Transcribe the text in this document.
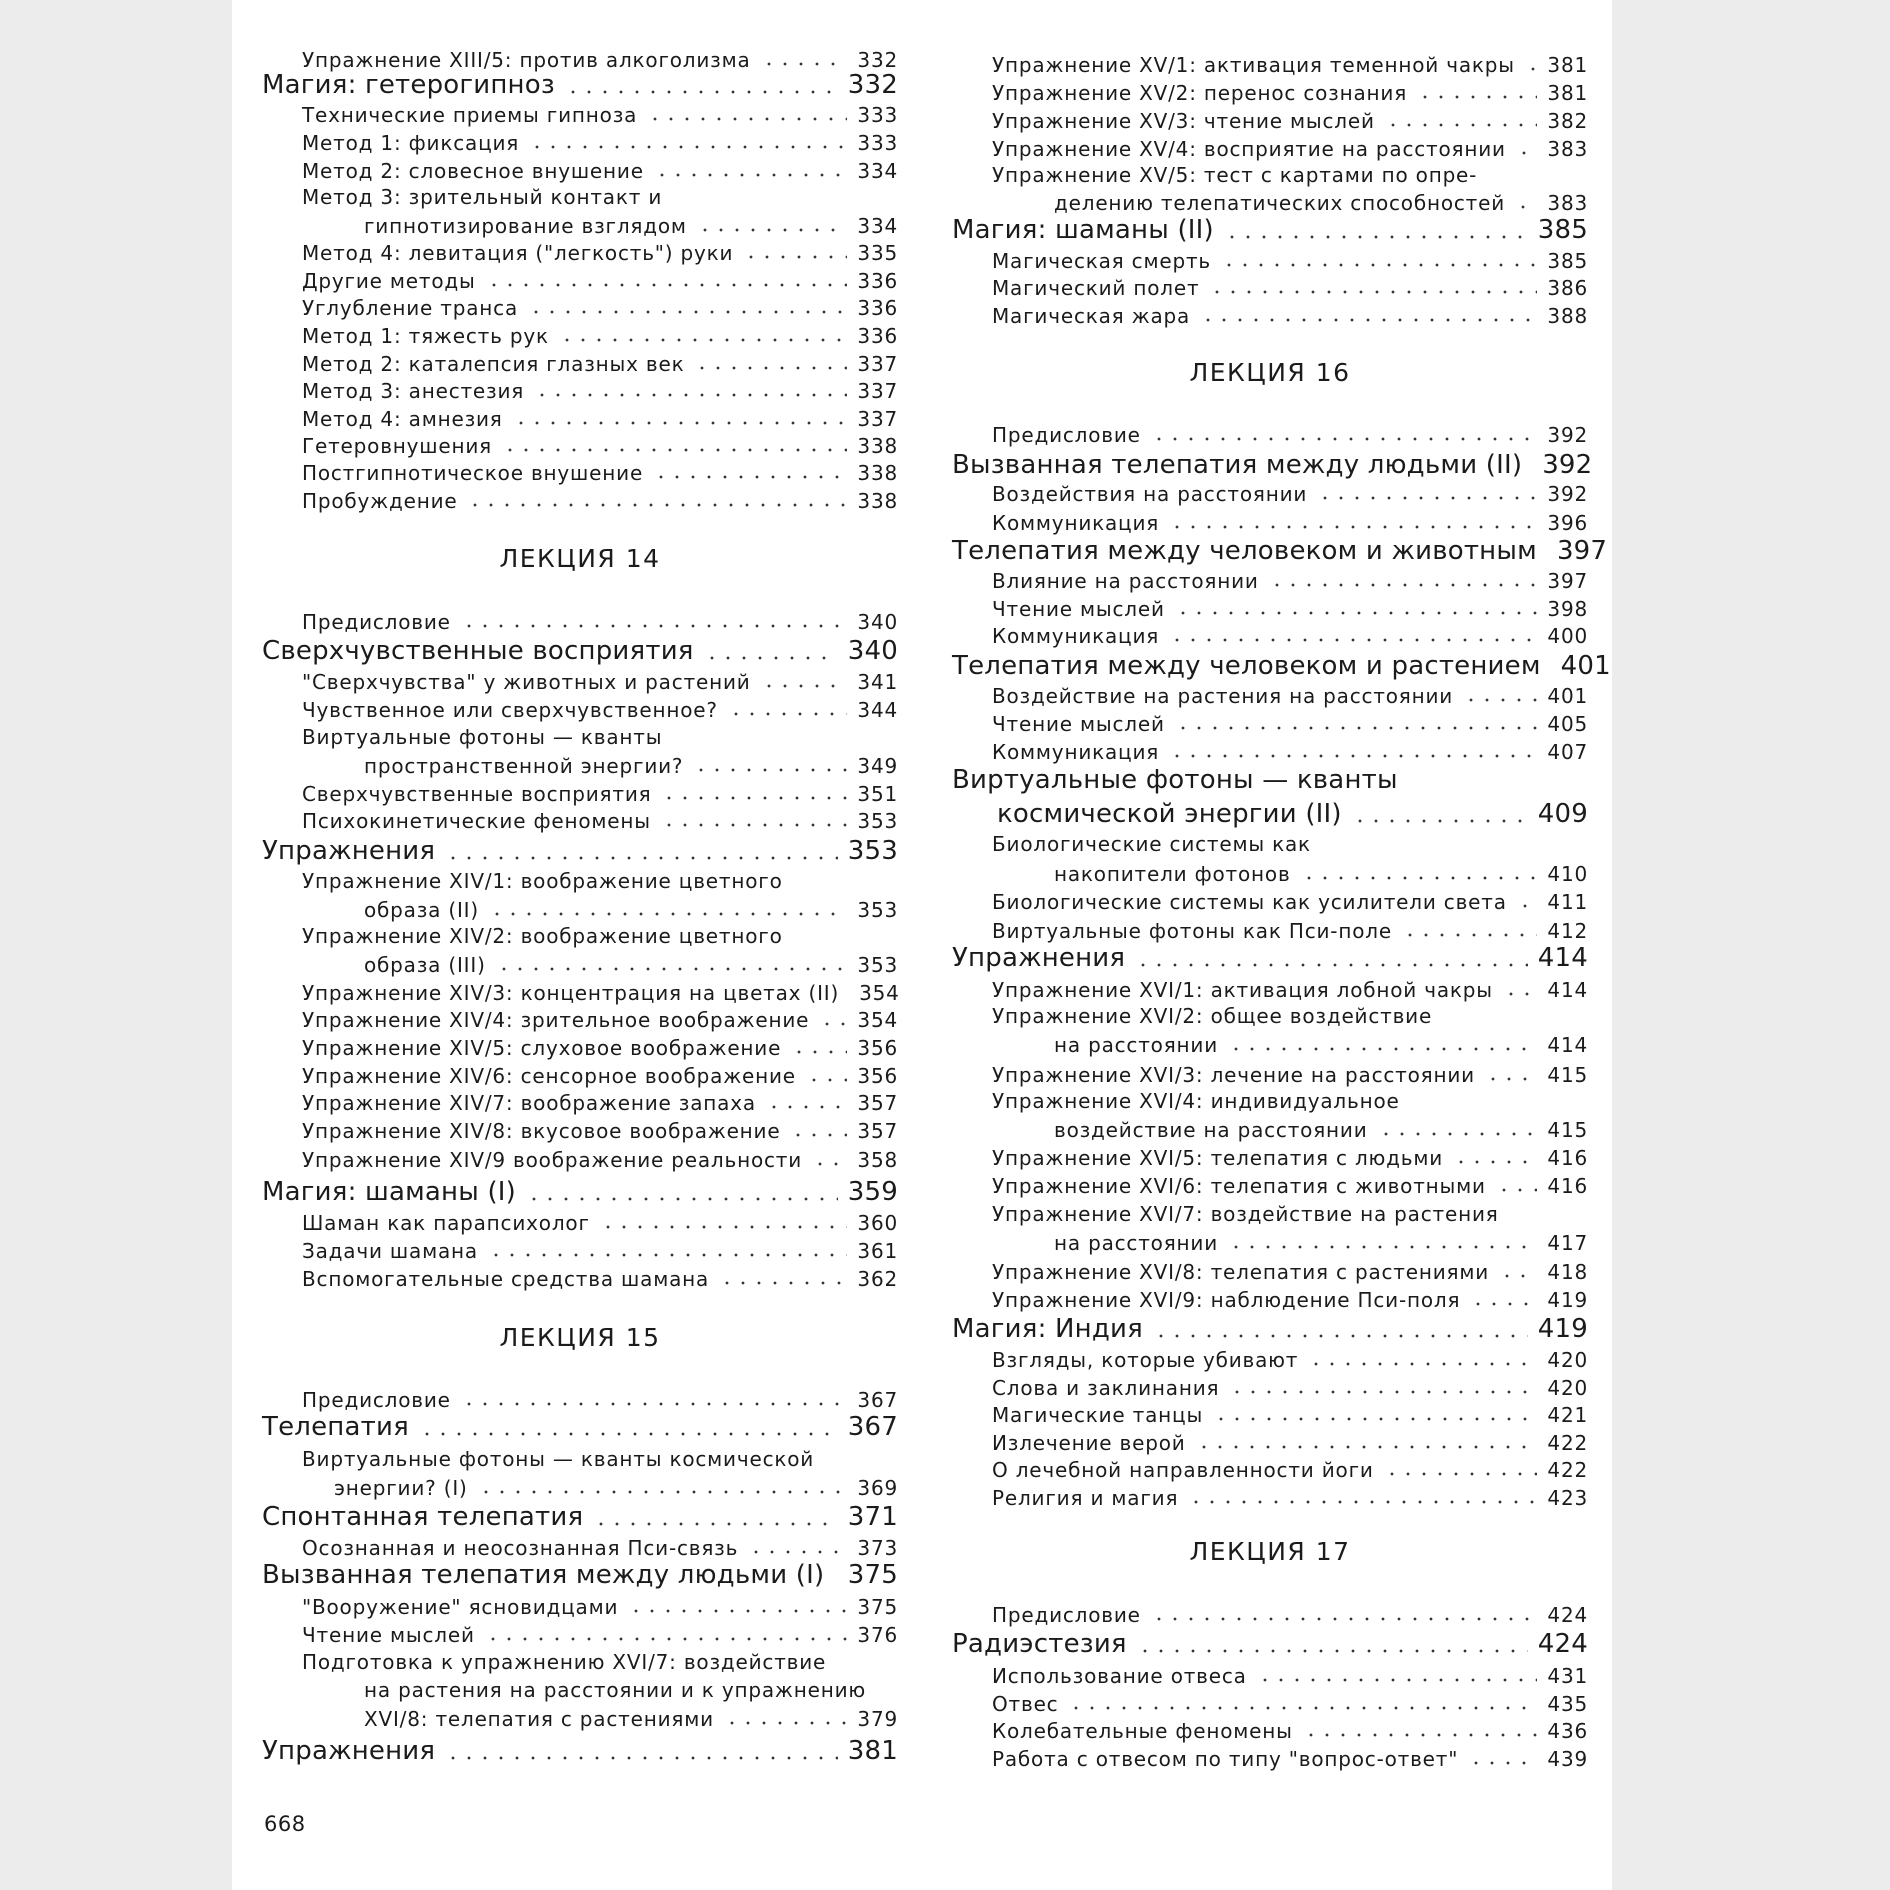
Упражнение XIII/5: против алкоголизма	332
Магия: гетерогипноз	332
Технические приемы гипноза	333
Метод 1: фиксация	333
Метод 2: словесное внушение	334
Метод 3: зрительный контакт и
гипнотизирование взглядом	334
Метод 4: левитация ("легкость") руки	335
Другие методы	336
Углубление транса	336
Метод 1: тяжесть рук	336
Метод 2: каталепсия глазных век	337
Метод 3: анестезия	337
Метод 4: амнезия	337
Гетеровнушения	338
Постгипнотическое внушение	338
Пробуждение	338
ЛЕКЦИЯ 14
Предисловие	340
Сверхчувственные восприятия	340
"Сверхчувства" у животных и растений	341
Чувственное или сверхчувственное?	344
Виртуальные фотоны — кванты
пространственной энергии?	349
Сверхчувственные восприятия	351
Психокинетические феномены	353
Упражнения	353
Упражнение XIV/1: воображение цветного
образа (II)	353
Упражнение XIV/2: воображение цветного
образа (III)	353
Упражнение XIV/3: концентрация на цветах (II) 354
Упражнение XIV/4: зрительное воображение 354
Упражнение XIV/5: слуховое воображение	356
Упражнение XIV/6: сенсорное воображение	356
Упражнение XIV/7: воображение запаха	357
Упражнение XIV/8: вкусовое воображение	357
Упражнение XIV/9 воображение реальности	358
Магия: шаманы (I)	359
Шаман как парапсихолог	360
Задачи шамана	361
Вспомогательные средства шамана	362
ЛЕКЦИЯ 15
Предисловие	367
Телепатия	367
Виртуальные фотоны — кванты космической
энергии? (I)	369
Спонтанная телепатия	371
Осознанная и неосознанная Пси-связь	373
Вызванная телепатия между людьми (I) 375
"Вооружение" ясновидцами	375
Чтение мыслей	376
Подготовка к упражнению XVI/7: воздействие
на растения на расстоянии и к упражнению
XVI/8: телепатия с растениями	379
Упражнения	381
Упражнение XV/1: активация теменной чакры 381
Упражнение XV/2: перенос сознания	381
Упражнение XV/3: чтение мыслей	382
Упражнение XV/4: восприятие на расстоянии 383
Упражнение XV/5: тест с картами по опре-
делению телепатических способностей 383
Магия: шаманы (II)	385
Магическая смерть	385
Магический полет	386
Магическая жара	388
ЛЕКЦИЯ 16
Предисловие	392
Вызванная телепатия между людьми (II) 392
Воздействия на расстоянии	392
Коммуникация	396
Телепатия между человеком и животным 397
Влияние на расстоянии	397
Чтение мыслей	398
Коммуникация	400
Телепатия между человеком и растением 401
Воздействие на растения на расстоянии	401
Чтение мыслей	405
Коммуникация	407
Виртуальные фотоны — кванты
космической энергии (II)	409
Биологические системы как
накопители фотонов	410
Биологические системы как усилители света 411
Виртуальные фотоны как Пси-поле	412
Упражнения	414
Упражнение XVI/1: активация лобной чакры	414
Упражнение XVI/2: общее воздействие
на расстоянии	414
Упражнение XVI/3: лечение на расстоянии	415
Упражнение XVI/4: индивидуальное
воздействие на расстоянии	415
Упражнение XVI/5: телепатия с людьми	416
Упражнение XVI/6: телепатия с животными	416
Упражнение XVI/7: воздействие на растения
на расстоянии	417
Упражнение XVI/8: телепатия с растениями	418
Упражнение XVI/9: наблюдение Пси-поля	419
Магия: Индия	419
Взгляды, которые убивают	420
Слова и заклинания	420
Магические танцы	421
Излечение верой	422
О лечебной направленности йоги	422
Религия и магия	423
ЛЕКЦИЯ 17
Предисловие	424
Радиэстезия	424
Использование отвеса	431
Отвес	435
Колебательные феномены	436
Работа с отвесом по типу "вопрос-ответ"	439
668
